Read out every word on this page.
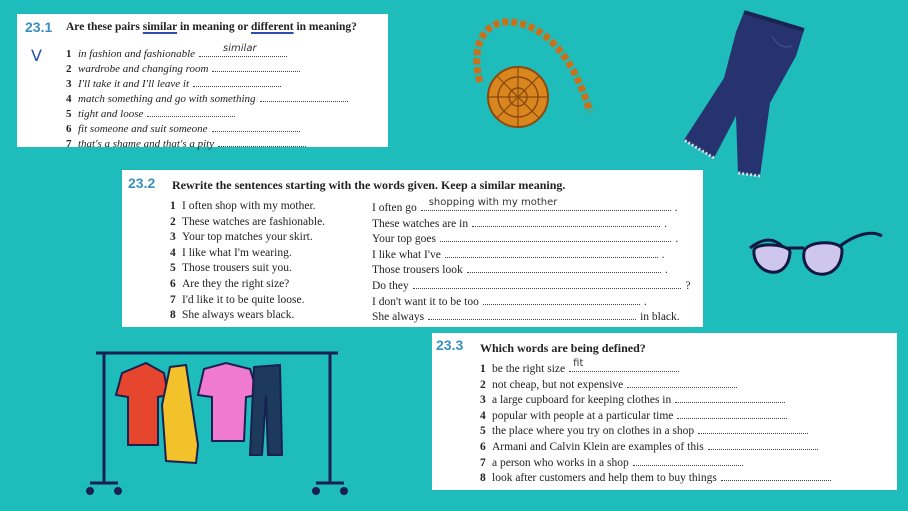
23.1 Are these pairs similar in meaning or different in meaning?
V 1 in fashion and fashionable	similar
2 wardrobe and changing room
3 I'll take it and I'll leave it
4 match something and go with something
5 tight and loose
6 fit someone and suit someone
7 that's a shame and that's a pity
23.2 Rewrite the sentences starting with the words given. Keep a similar meaning.
1 I often shop with my mother.	I often go shopping with my mother	.
2 These watches are fashionable.	These watches are in	.
3 Your top matches your skirt.	Your top goes	.
4 I like what I'm wearing.	I like what I've	.
5 Those trousers suit you.	Those trousers look	.
6 Are they the right size?	Do they	?
7 I'd like it to be quite loose.	I don't want it to be too	.
8 She always wears black.	She always	in black.
23.3 Which words are being defined?
1 be the right size fit
2 not cheap, but not expensive
3 a large cupboard for keeping clothes in
4 popular with people at a particular time
5 the place where you try on clothes in a shop
6 Armani and Calvin Klein are examples of this
7 a person who works in a shop
8 look after customers and help them to buy things
